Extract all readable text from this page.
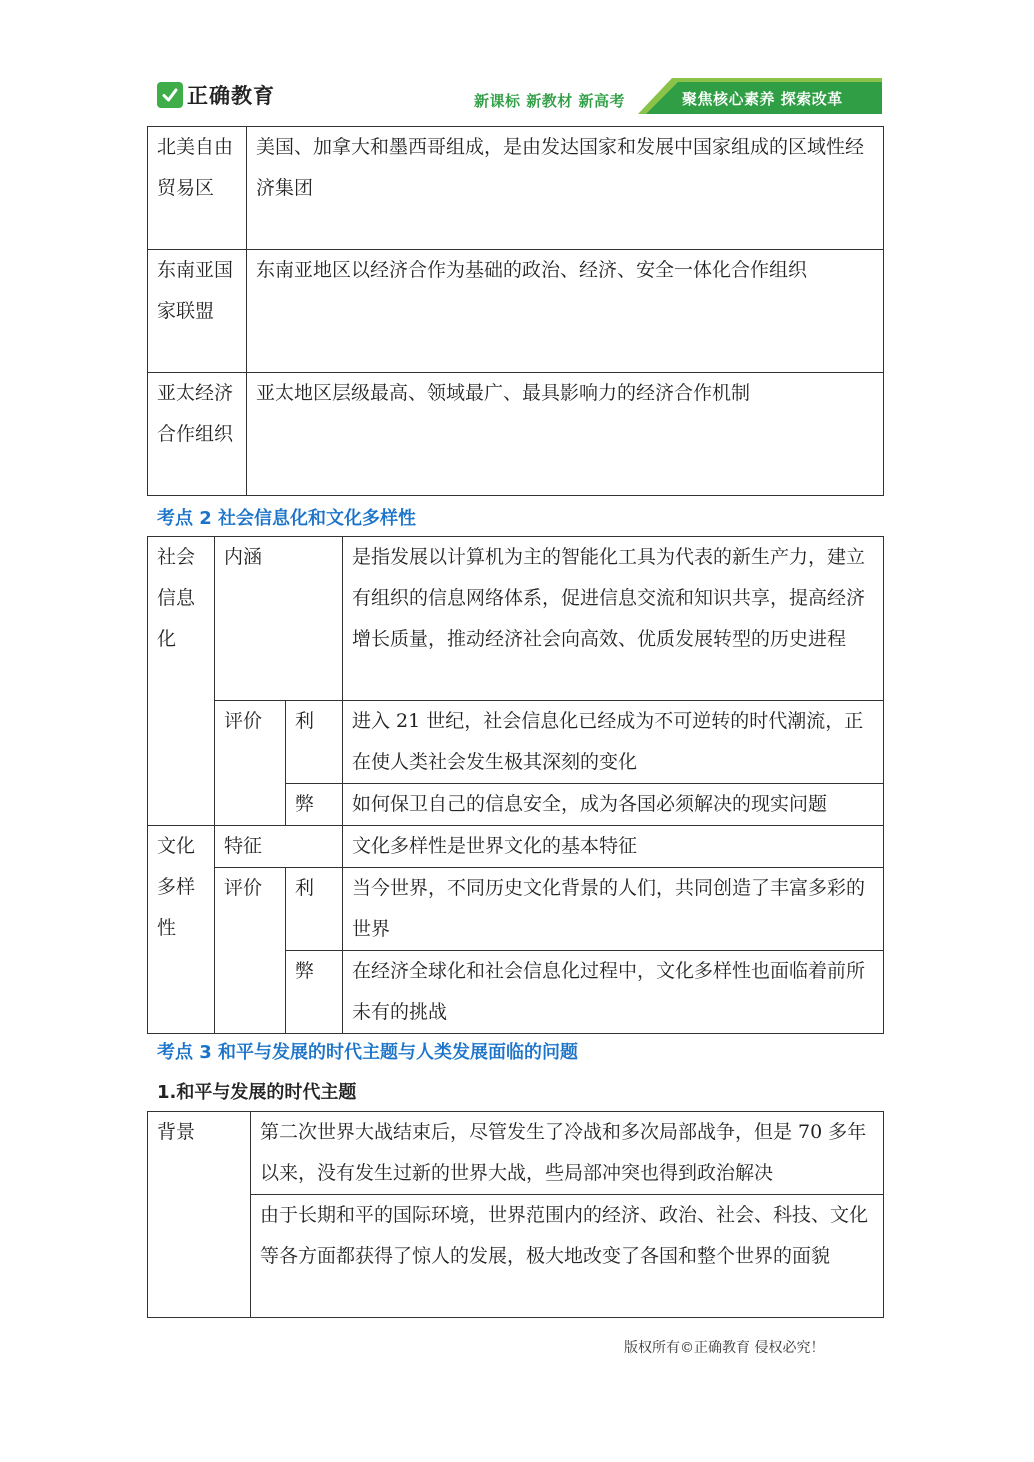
正确教育	新课标 新教材 新高考	聚焦核心素养 探索改革
北美自由贸易区	美国、加拿大和墨西哥组成，是由发达国家和发展中国家组成的区域性经济集团
东南亚国家联盟	东南亚地区以经济合作为基础的政治、经济、安全一体化合作组织
亚太经济合作组织	亚太地区层级最高、领域最广、最具影响力的经济合作机制
考点 2 社会信息化和文化多样性
社会信息化	内涵		是指发展以计算机为主的智能化工具为代表的新生产力，建立有组织的信息网络体系，促进信息交流和知识共享，提高经济增长质量，推动经济社会向高效、优质发展转型的历史进程
	评价	利	进入 21 世纪，社会信息化已经成为不可逆转的时代潮流，正在使人类社会发生极其深刻的变化
		弊	如何保卫自己的信息安全，成为各国必须解决的现实问题
文化多样性	特征		文化多样性是世界文化的基本特征
	评价	利	当今世界，不同历史文化背景的人们，共同创造了丰富多彩的世界
		弊	在经济全球化和社会信息化过程中，文化多样性也面临着前所未有的挑战
考点 3 和平与发展的时代主题与人类发展面临的问题
1.和平与发展的时代主题
背景	第二次世界大战结束后，尽管发生了冷战和多次局部战争，但是 70 多年以来，没有发生过新的世界大战，些局部冲突也得到政治解决
由于长期和平的国际环境，世界范围内的经济、政治、社会、科技、文化等各方面都获得了惊人的发展，极大地改变了各国和整个世界的面貌
版权所有©正确教育 侵权必究！
